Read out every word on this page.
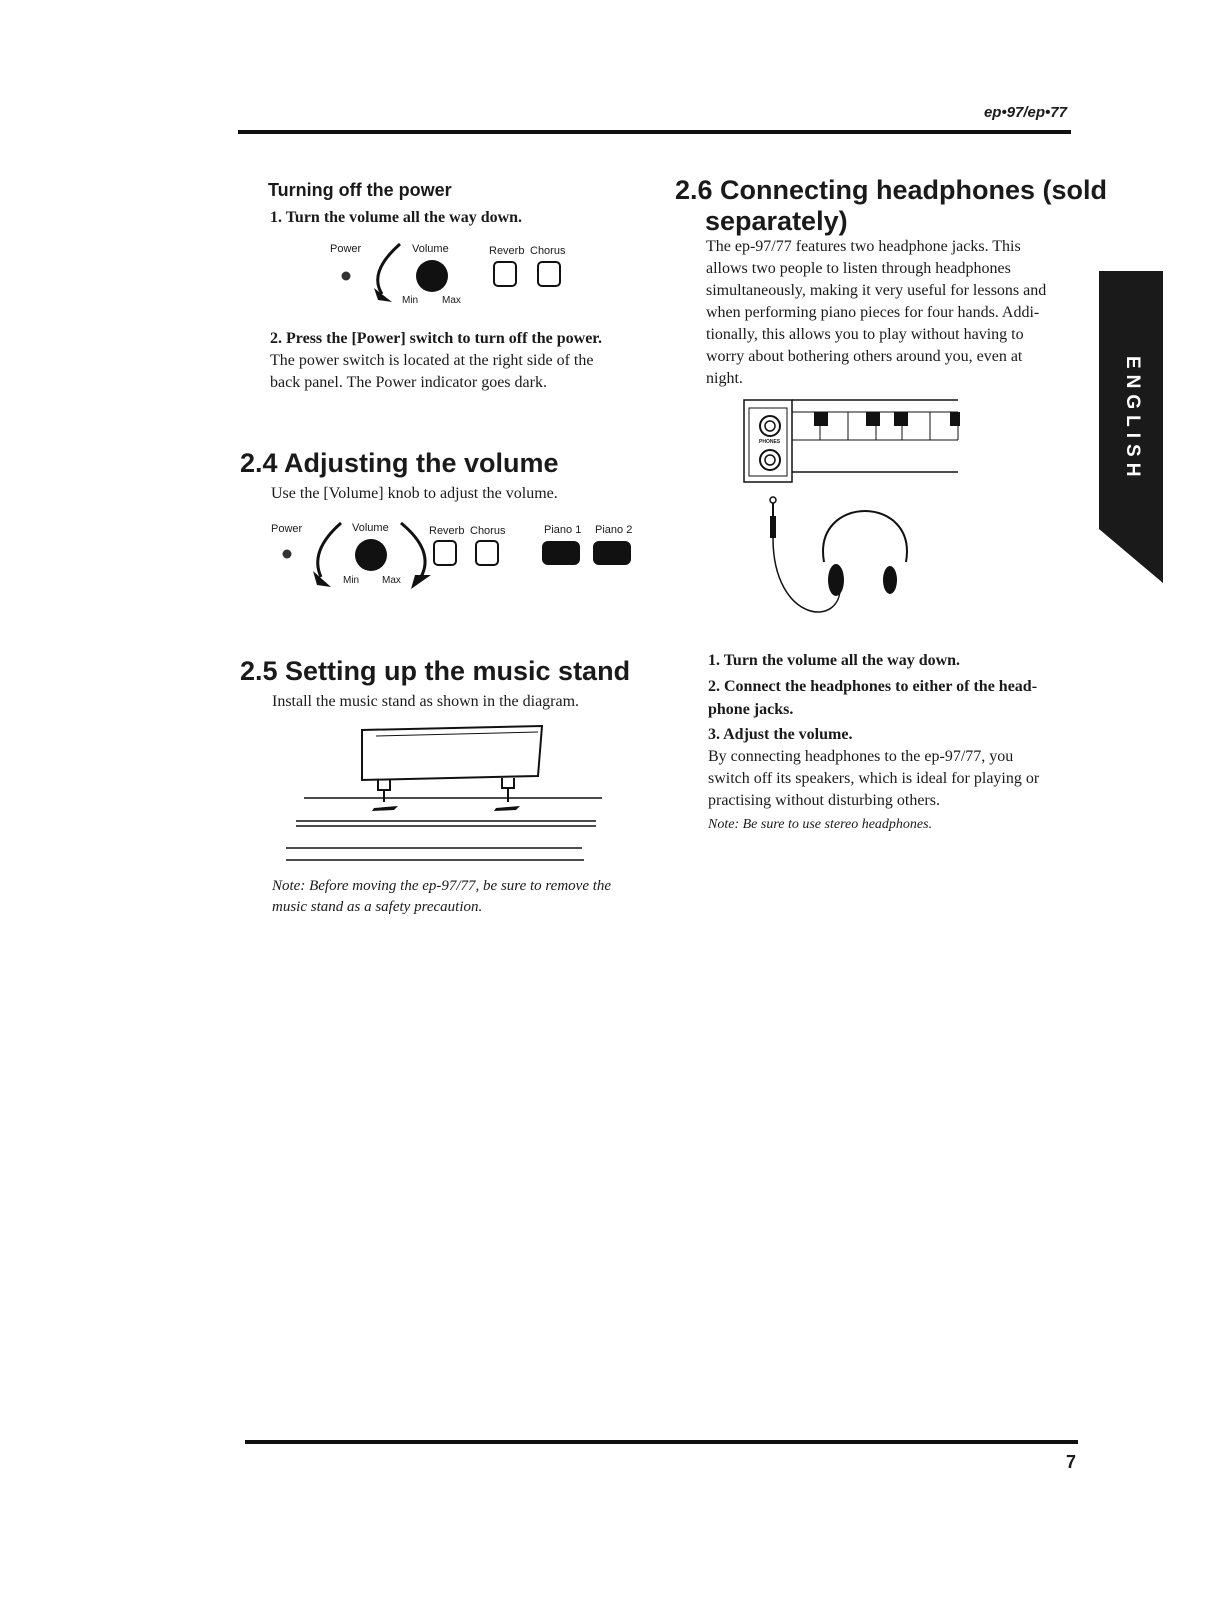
ep•97/ep•77
Turning off the power
1. Turn the volume all the way down.
Power	Volume	Reverb Chorus
Min Max
2. Press the [Power] switch to turn off the power.
The power switch is located at the right side of the
back panel. The Power indicator goes dark.
2.4 Adjusting the volume
Use the [Volume] knob to adjust the volume.
Power	Volume	Reverb Chorus	Piano 1 Piano 2
Min Max
2.5 Setting up the music stand
Install the music stand as shown in the diagram.
Note: Before moving the ep-97/77, be sure to remove the
music stand as a safety precaution.
2.6 Connecting headphones (sold
separately)
The ep-97/77 features two headphone jacks. This
allows two people to listen through headphones
simultaneously, making it very useful for lessons and
when performing piano pieces for four hands. Addi-
tionally, this allows you to play without having to
worry about bothering others around you, even at
night.
PHONES
1. Turn the volume all the way down.
2. Connect the headphones to either of the head-
phone jacks.
3. Adjust the volume.
By connecting headphones to the ep-97/77, you
switch off its speakers, which is ideal for playing or
practising without disturbing others.
Note: Be sure to use stereo headphones.
ENGLISH
7
